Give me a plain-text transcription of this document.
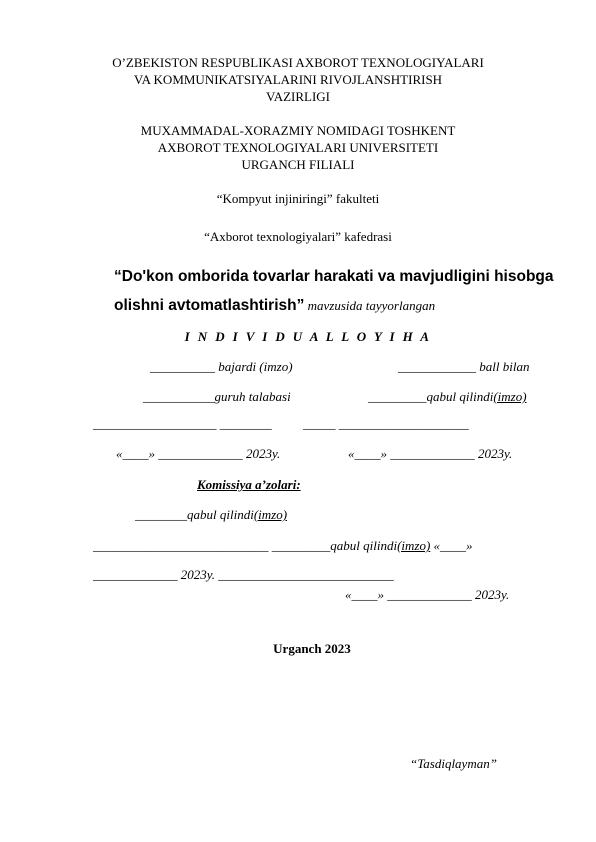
O’ZBEKISTON RESPUBLIKASI AXBOROT TEXNOLOGIYALARI
VA KOMMUNIKATSIYALARINI RIVOJLANSHTIRISH
VAZIRLIGI
MUXAMMADAL-XORAZMIY NOMIDAGI TOSHKENT
AXBOROT TEXNOLOGIYALARI UNIVERSITETI
URGANCH FILIALI
“Kompyut injiniringi” fakulteti
“Axborot texnologiyalari” kafedrasi
“Do'kon omborida tovarlar harakati va mavjudligini hisobga
olishni avtomatlashtirish” mavzusida tayyorlangan
I N D I V I D U A L L O Y I H A
__________ bajardi (imzo)	____________ ball bilan
___________guruh talabasi	_________qabul qilindi(imzo)
___________________ ________ _____ ____________________
«____» _____________ 2023y.	«____» _____________ 2023y.
Komissiya a’zolari:
________qabul qilindi(imzo)
___________________________ _________qabul qilindi(imzo) «____»
_____________ 2023y. ___________________________
«____» _____________ 2023y.
Urganch 2023
“Tasdiqlayman”
